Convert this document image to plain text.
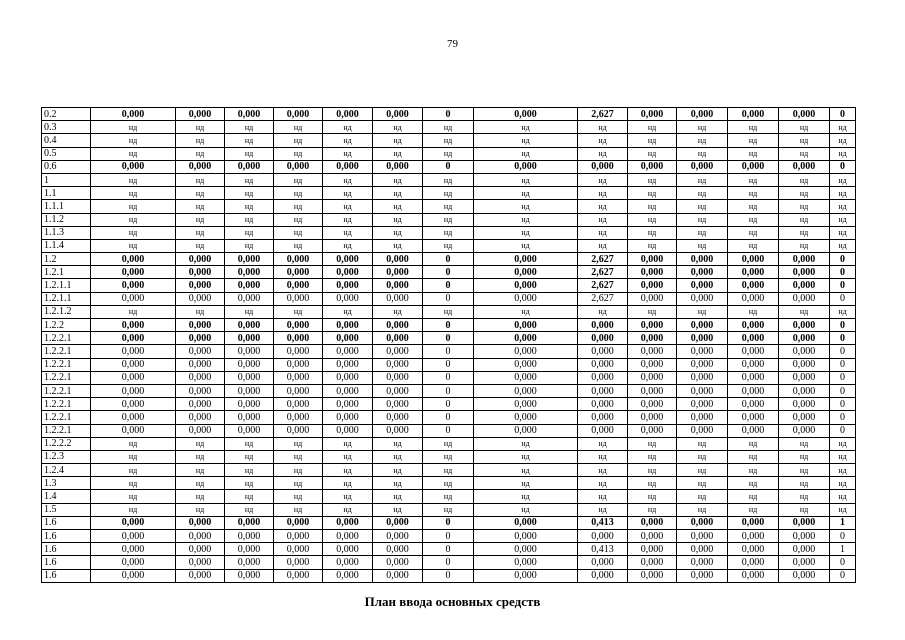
79
0.2	0,000	0,000	0,000	0,000	0,000	0,000	0	0,000	2,627	0,000	0,000	0,000	0,000	0
0.3	нд	нд	нд	нд	нд	нд	нд	нд	нд	нд	нд	нд	нд	нд
0.4	нд	нд	нд	нд	нд	нд	нд	нд	нд	нд	нд	нд	нд	нд
0.5	нд	нд	нд	нд	нд	нд	нд	нд	нд	нд	нд	нд	нд	нд
0.6	0,000	0,000	0,000	0,000	0,000	0,000	0	0,000	0,000	0,000	0,000	0,000	0,000	0
1	нд	нд	нд	нд	нд	нд	нд	нд	нд	нд	нд	нд	нд	нд
1.1	нд	нд	нд	нд	нд	нд	нд	нд	нд	нд	нд	нд	нд	нд
1.1.1	нд	нд	нд	нд	нд	нд	нд	нд	нд	нд	нд	нд	нд	нд
1.1.2	нд	нд	нд	нд	нд	нд	нд	нд	нд	нд	нд	нд	нд	нд
1.1.3	нд	нд	нд	нд	нд	нд	нд	нд	нд	нд	нд	нд	нд	нд
1.1.4	нд	нд	нд	нд	нд	нд	нд	нд	нд	нд	нд	нд	нд	нд
1.2	0,000	0,000	0,000	0,000	0,000	0,000	0	0,000	2,627	0,000	0,000	0,000	0,000	0
1.2.1	0,000	0,000	0,000	0,000	0,000	0,000	0	0,000	2,627	0,000	0,000	0,000	0,000	0
1.2.1.1	0,000	0,000	0,000	0,000	0,000	0,000	0	0,000	2,627	0,000	0,000	0,000	0,000	0
1.2.1.1	0,000	0,000	0,000	0,000	0,000	0,000	0	0,000	2,627	0,000	0,000	0,000	0,000	0
1.2.1.2	нд	нд	нд	нд	нд	нд	нд	нд	нд	нд	нд	нд	нд	нд
1.2.2	0,000	0,000	0,000	0,000	0,000	0,000	0	0,000	0,000	0,000	0,000	0,000	0,000	0
1.2.2.1	0,000	0,000	0,000	0,000	0,000	0,000	0	0,000	0,000	0,000	0,000	0,000	0,000	0
1.2.2.1	0,000	0,000	0,000	0,000	0,000	0,000	0	0,000	0,000	0,000	0,000	0,000	0,000	0
1.2.2.1	0,000	0,000	0,000	0,000	0,000	0,000	0	0,000	0,000	0,000	0,000	0,000	0,000	0
1.2.2.1	0,000	0,000	0,000	0,000	0,000	0,000	0	0,000	0,000	0,000	0,000	0,000	0,000	0
1.2.2.1	0,000	0,000	0,000	0,000	0,000	0,000	0	0,000	0,000	0,000	0,000	0,000	0,000	0
1.2.2.1	0,000	0,000	0,000	0,000	0,000	0,000	0	0,000	0,000	0,000	0,000	0,000	0,000	0
1.2.2.1	0,000	0,000	0,000	0,000	0,000	0,000	0	0,000	0,000	0,000	0,000	0,000	0,000	0
1.2.2.1	0,000	0,000	0,000	0,000	0,000	0,000	0	0,000	0,000	0,000	0,000	0,000	0,000	0
1.2.2.2	нд	нд	нд	нд	нд	нд	нд	нд	нд	нд	нд	нд	нд	нд
1.2.3	нд	нд	нд	нд	нд	нд	нд	нд	нд	нд	нд	нд	нд	нд
1.2.4	нд	нд	нд	нд	нд	нд	нд	нд	нд	нд	нд	нд	нд	нд
1.3	нд	нд	нд	нд	нд	нд	нд	нд	нд	нд	нд	нд	нд	нд
1.4	нд	нд	нд	нд	нд	нд	нд	нд	нд	нд	нд	нд	нд	нд
1.5	нд	нд	нд	нд	нд	нд	нд	нд	нд	нд	нд	нд	нд	нд
1.6	0,000	0,000	0,000	0,000	0,000	0,000	0	0,000	0,413	0,000	0,000	0,000	0,000	1
1.6	0,000	0,000	0,000	0,000	0,000	0,000	0	0,000	0,000	0,000	0,000	0,000	0,000	0
1.6	0,000	0,000	0,000	0,000	0,000	0,000	0	0,000	0,413	0,000	0,000	0,000	0,000	1
1.6	0,000	0,000	0,000	0,000	0,000	0,000	0	0,000	0,000	0,000	0,000	0,000	0,000	0
1.6	0,000	0,000	0,000	0,000	0,000	0,000	0	0,000	0,000	0,000	0,000	0,000	0,000	0
План ввода основных средств
